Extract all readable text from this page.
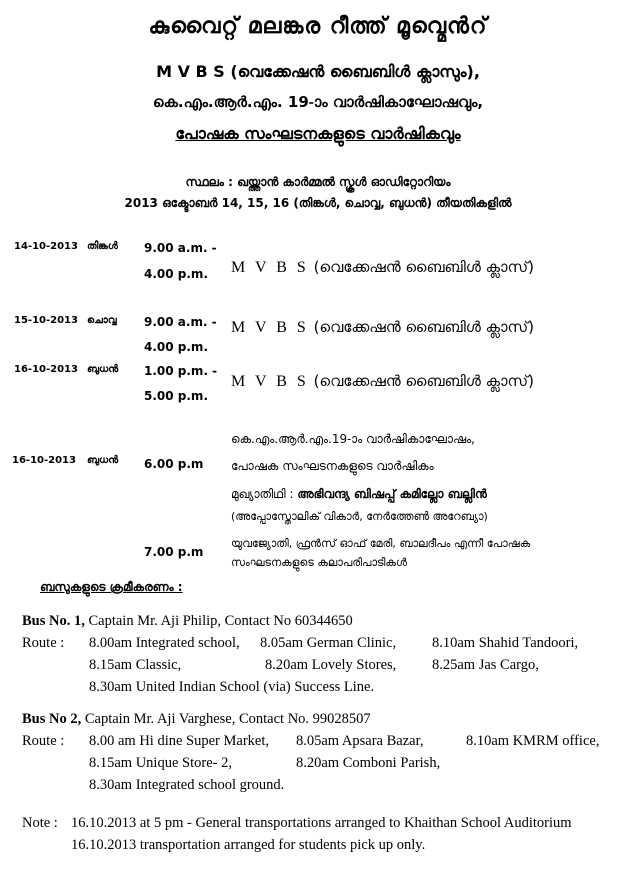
കുവൈറ്റ് മലങ്കര റീത്ത് മൂവ്മെൻറ്
M V B S (വെക്കേഷൻ ബൈബിൾ ക്ലാസും),
കെ.എം.ആർ.എം. 19-ാം വാർഷികാഘോഷവും,
പോഷക സംഘടനകളുടെ വാർഷികവും
സ്ഥലം : ഖയ്ത്താൻ കാർമ്മൽ സ്കൂൾ ഓഡിറ്റോറിയം
2013 ഒക്ടോബർ 14, 15, 16 (തിങ്കൾ, ചൊവ്വ, ബുധൻ) തീയതികളിൽ
14-10-2013 തിങ്കൾ 9.00 a.m. -
4.00 p.m. M V B S (വെക്കേഷൻ ബൈബിൾ ക്ലാസ്)
15-10-2013 ചൊവ്വ 9.00 a.m. -
4.00 p.m.
M V B S (വെക്കേഷൻ ബൈബിൾ ക്ലാസ്)
16-10-2013 ബുധൻ 1.00 p.m. -
5.00 p.m.
M V B S (വെക്കേഷൻ ബൈബിൾ ക്ലാസ്)
16-10-2013 ബുധൻ 6.00 p.m
കെ.എം.ആർ.എം.19-ാം വാർഷികാഘോഷം,
പോഷക സംഘടനകളുടെ വാർഷികം
മുഖ്യാതിഥി : അഭിവന്ദ്യ ബിഷപ്പ് കമില്ലോ ബല്ലിൻ
(അപ്പോസ്തോലിക് വികാർ, നേർത്തേൺ അറേബ്യാ)
7.00 p.m
യുവജ്യോതി, ഫ്രൻസ് ഓഫ് മേരി, ബാലദീപം എന്നീ പോഷക
സംഘടനകളുടെ കലാപരിപാടികൾ
ബസുകളുടെ ക്രമീകരണം :
Bus No. 1, Captain Mr. Aji Philip, Contact No 60344650
Route : 8.00am Integrated school, 8.05am German Clinic, 8.10am Shahid Tandoori,
8.15am Classic,	8.20am Lovely Stores, 8.25am Jas Cargo,
8.30am United Indian School (via) Success Line.
Bus No 2, Captain Mr. Aji Varghese, Contact No. 99028507
Route : 8.00 am Hi dine Super Market, 8.05am Apsara Bazar,	8.10am KMRM office,
8.15am Unique Store- 2,	8.20am Comboni Parish,
8.30am Integrated school ground.
Note : 16.10.2013 at 5 pm - General transportations arranged to Khaithan School Auditorium
16.10.2013 transportation arranged for students pick up only.
